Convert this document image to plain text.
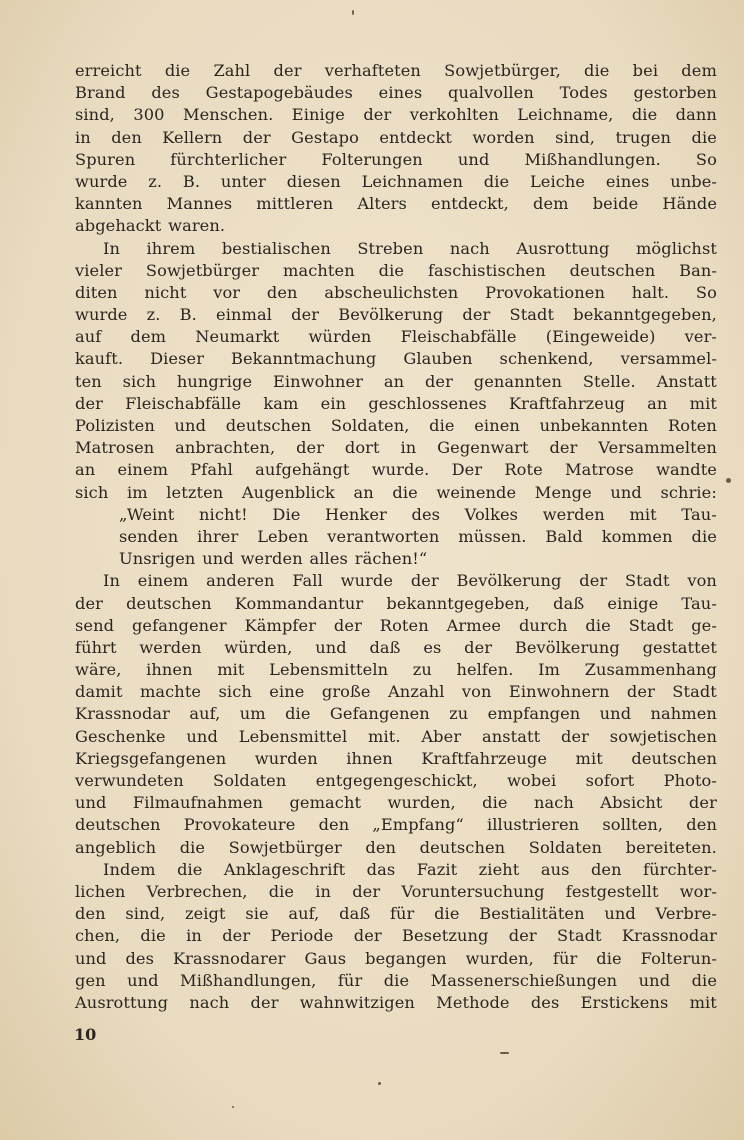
erreicht die Zahl der verhafteten Sowjetbürger, die bei dem
Brand des Gestapogebäudes eines qualvollen Todes gestorben
sind, 300 Menschen. Einige der verkohlten Leichname, die dann
in den Kellern der Gestapo entdeckt worden sind, trugen die
Spuren fürchterlicher Folterungen und Mißhandlungen. So
wurde z. B. unter diesen Leichnamen die Leiche eines unbe-
kannten Mannes mittleren Alters entdeckt, dem beide Hände
abgehackt waren.
In ihrem bestialischen Streben nach Ausrottung möglichst
vieler Sowjetbürger machten die faschistischen deutschen Ban-
diten nicht vor den abscheulichsten Provokationen halt. So
wurde z. B. einmal der Bevölkerung der Stadt bekanntgegeben,
auf dem Neumarkt würden Fleischabfälle (Eingeweide) ver-
kauft. Dieser Bekanntmachung Glauben schenkend, versammel-
ten sich hungrige Einwohner an der genannten Stelle. Anstatt
der Fleischabfälle kam ein geschlossenes Kraftfahrzeug an mit
Polizisten und deutschen Soldaten, die einen unbekannten Roten
Matrosen anbrachten, der dort in Gegenwart der Versammelten
an einem Pfahl aufgehängt wurde. Der Rote Matrose wandte
sich im letzten Augenblick an die weinende Menge und schrie:
„Weint nicht! Die Henker des Volkes werden mit Tau-
senden ihrer Leben verantworten müssen. Bald kommen die
Unsrigen und werden alles rächen!“
In einem anderen Fall wurde der Bevölkerung der Stadt von
der deutschen Kommandantur bekanntgegeben, daß einige Tau-
send gefangener Kämpfer der Roten Armee durch die Stadt ge-
führt werden würden, und daß es der Bevölkerung gestattet
wäre, ihnen mit Lebensmitteln zu helfen. Im Zusammenhang
damit machte sich eine große Anzahl von Einwohnern der Stadt
Krassnodar auf, um die Gefangenen zu empfangen und nahmen
Geschenke und Lebensmittel mit. Aber anstatt der sowjetischen
Kriegsgefangenen wurden ihnen Kraftfahrzeuge mit deutschen
verwundeten Soldaten entgegengeschickt, wobei sofort Photo-
und Filmaufnahmen gemacht wurden, die nach Absicht der
deutschen Provokateure den „Empfang“ illustrieren sollten, den
angeblich die Sowjetbürger den deutschen Soldaten bereiteten.
Indem die Anklageschrift das Fazit zieht aus den fürchter-
lichen Verbrechen, die in der Voruntersuchung festgestellt wor-
den sind, zeigt sie auf, daß für die Bestialitäten und Verbre-
chen, die in der Periode der Besetzung der Stadt Krassnodar
und des Krassnodarer Gaus begangen wurden, für die Folterun-
gen und Mißhandlungen, für die Massenerschießungen und die
Ausrottung nach der wahnwitzigen Methode des Erstickens mit
10
